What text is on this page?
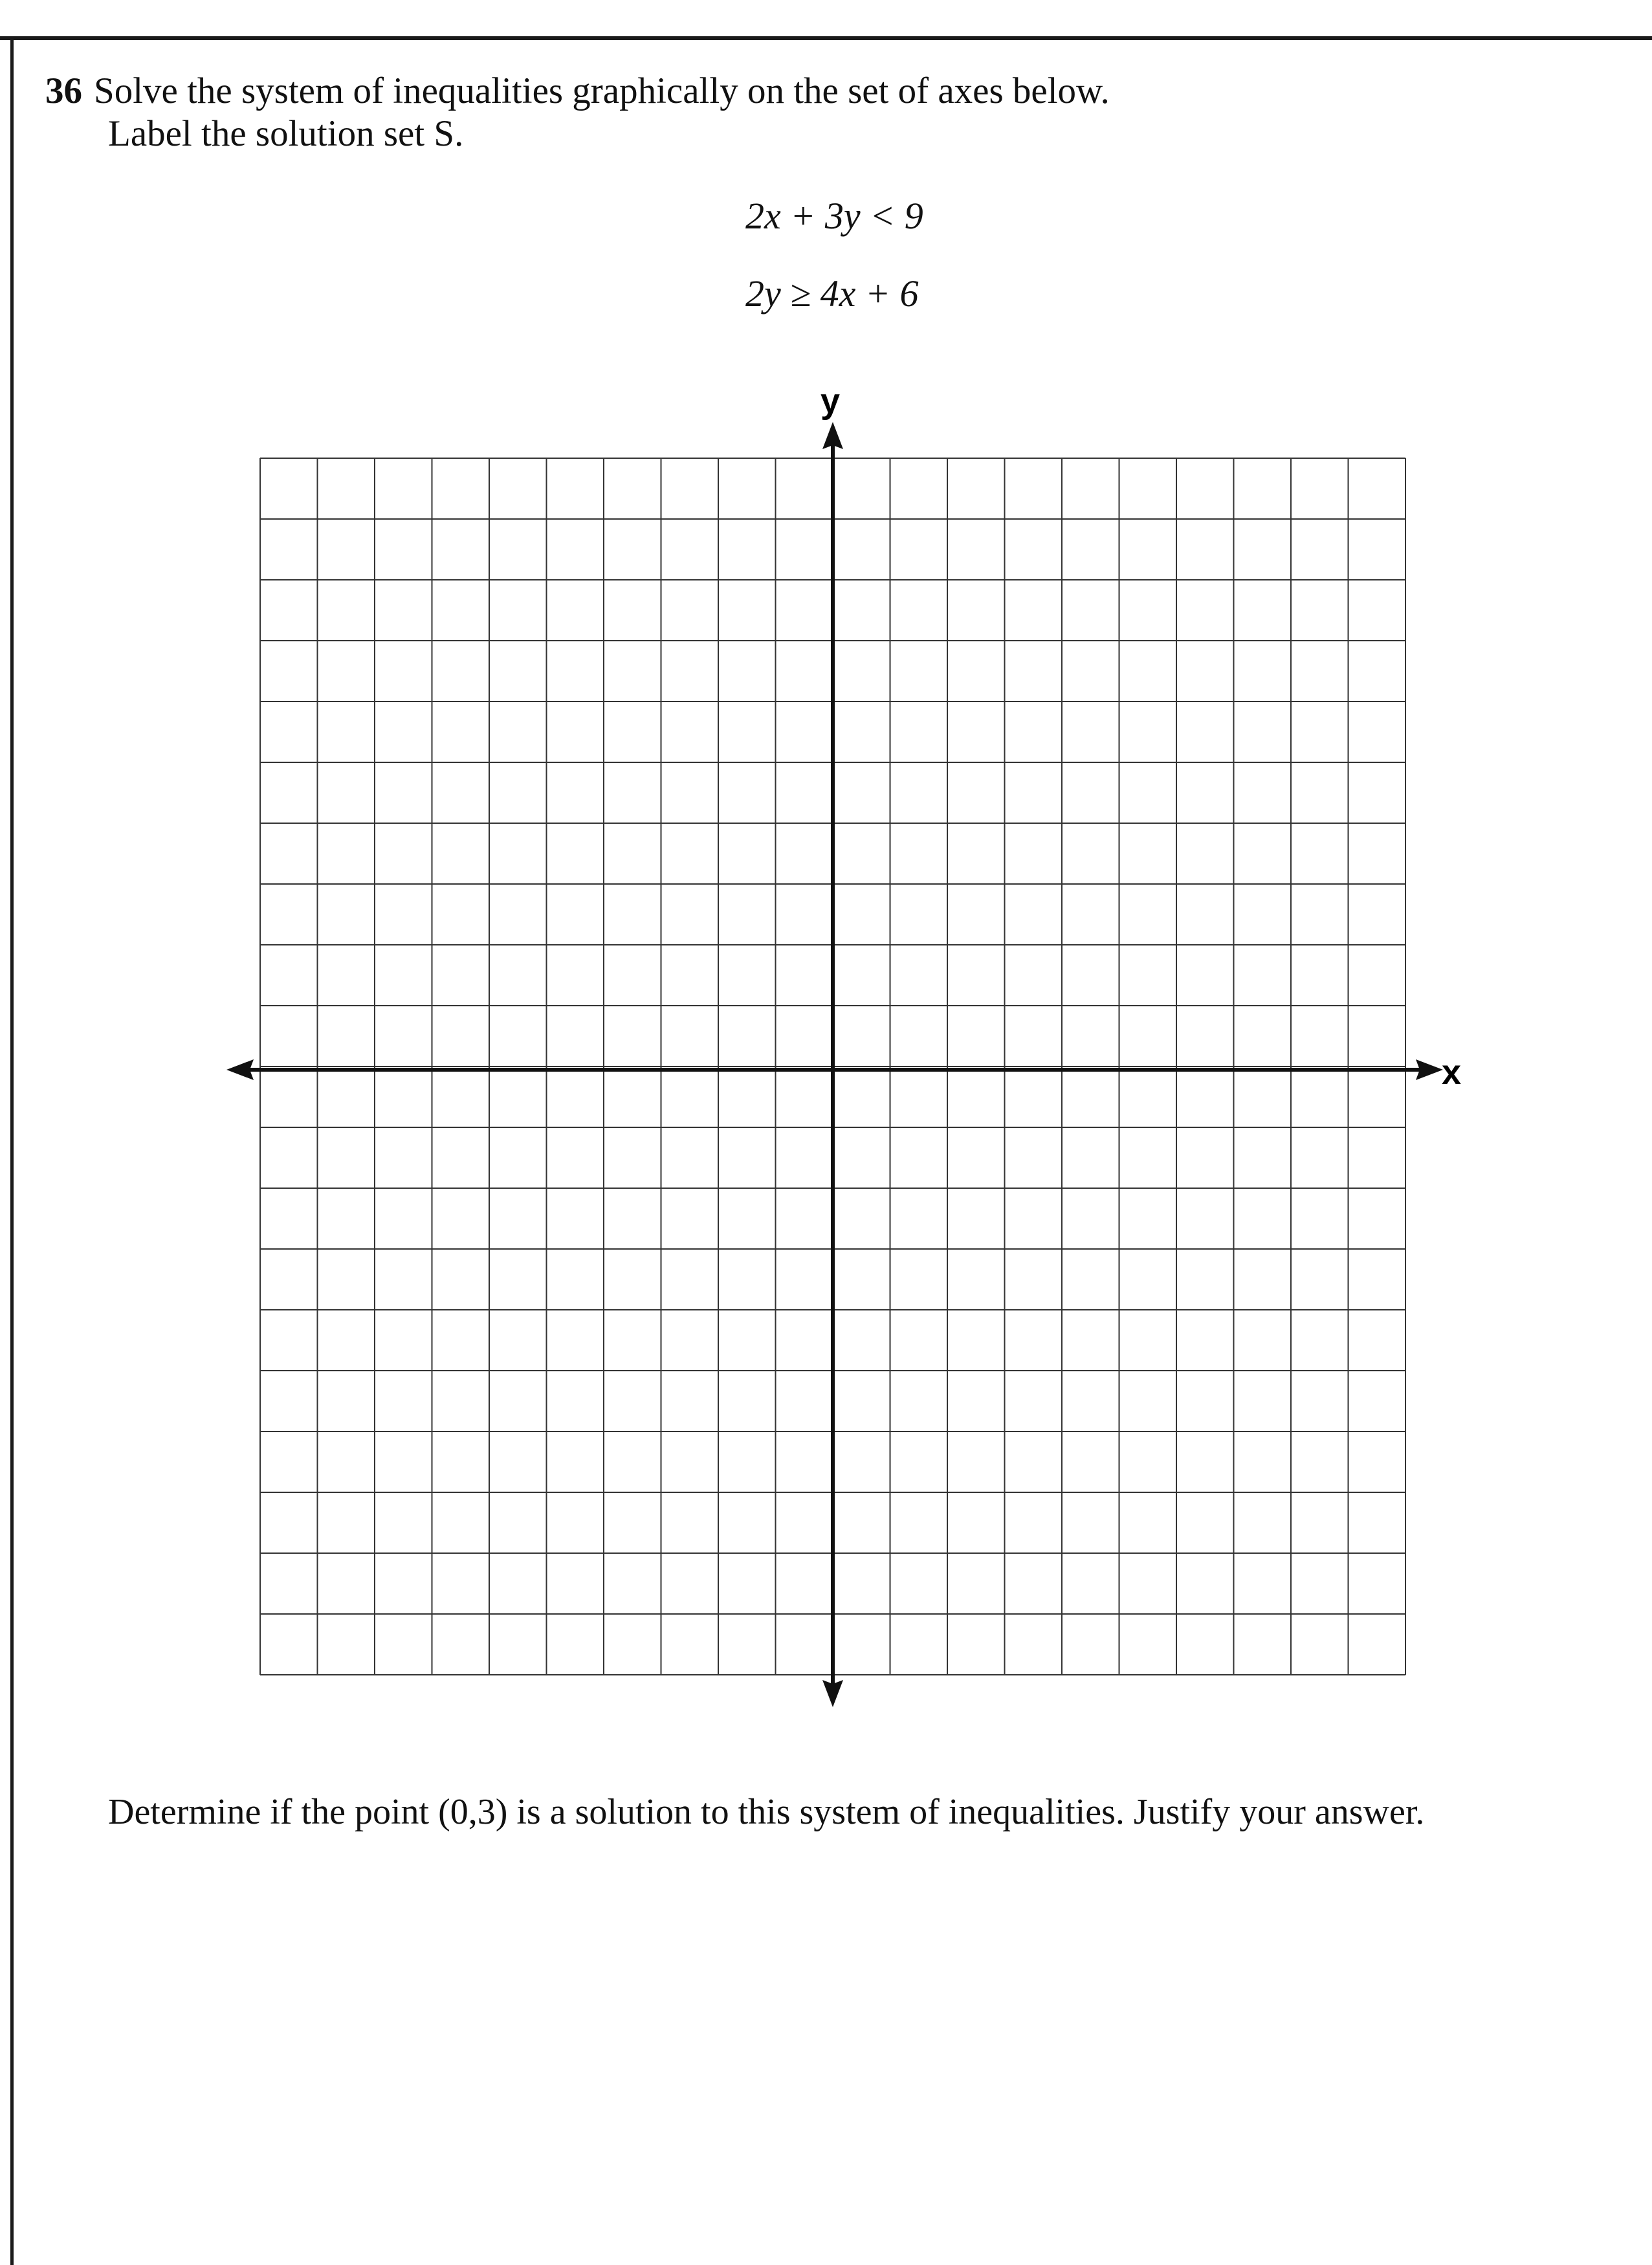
36 Solve the system of inequalities graphically on the set of axes below.
Label the solution set S.
2x + 3y < 9
2y ≥ 4x + 6
y
x
Determine if the point (0,3) is a solution to this system of inequalities. Justify your answer.
